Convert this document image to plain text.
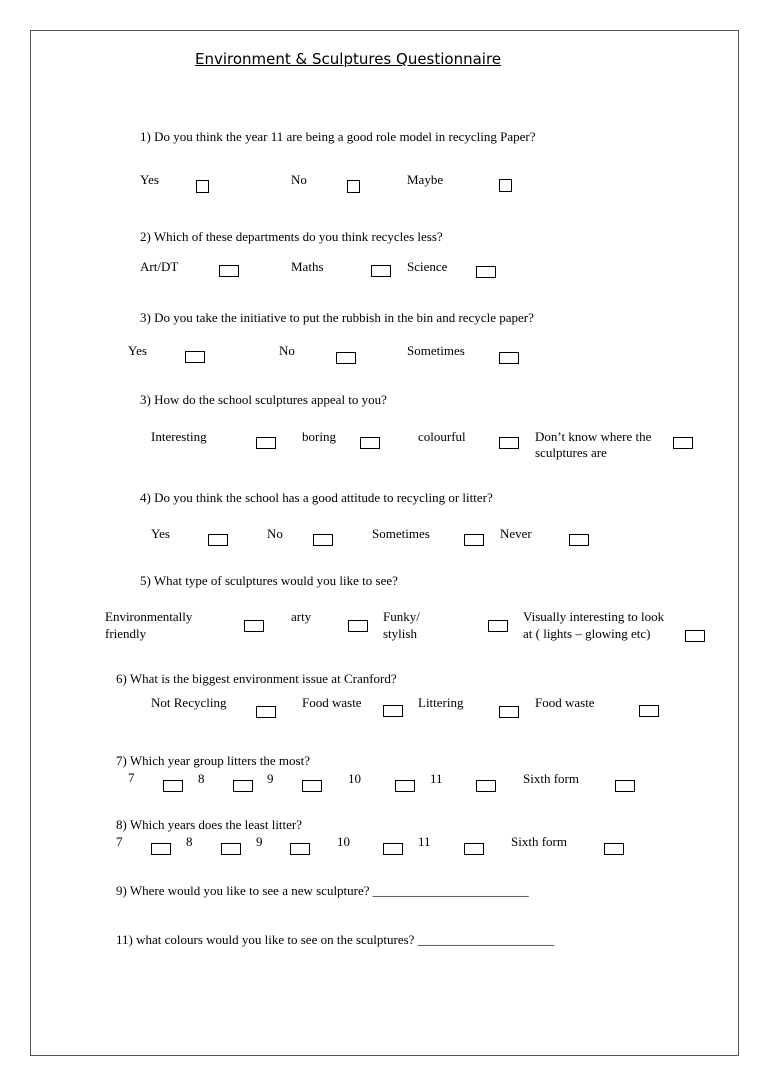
Environment & Sculptures Questionnaire
1) Do you think the year 11 are being a good role model in recycling Paper?
Yes	No	Maybe
2) Which of these departments do you think recycles less?
Art/DT	Maths	Science
3) Do you take the initiative to put the rubbish in the bin and recycle paper?
Yes	No	Sometimes
3) How do the school sculptures appeal to you?
Interesting	boring	colourful	Don’t know where the
sculptures are
4) Do you think the school has a good attitude to recycling or litter?
Yes	No	Sometimes	Never
5) What type of sculptures would you like to see?
Environmentally
friendly
arty	Funky/
stylish
Visually interesting to look
at ( lights – glowing etc)
6) What is the biggest environment issue at Cranford?
Not Recycling	Food waste	Littering	Food waste
7) Which year group litters the most?
7	8	9	10	11	Sixth form
8) Which years does the least litter?
7	8	9	10	11	Sixth form
9) Where would you like to see a new sculpture? ________________________
11) what colours would you like to see on the sculptures? _____________________
